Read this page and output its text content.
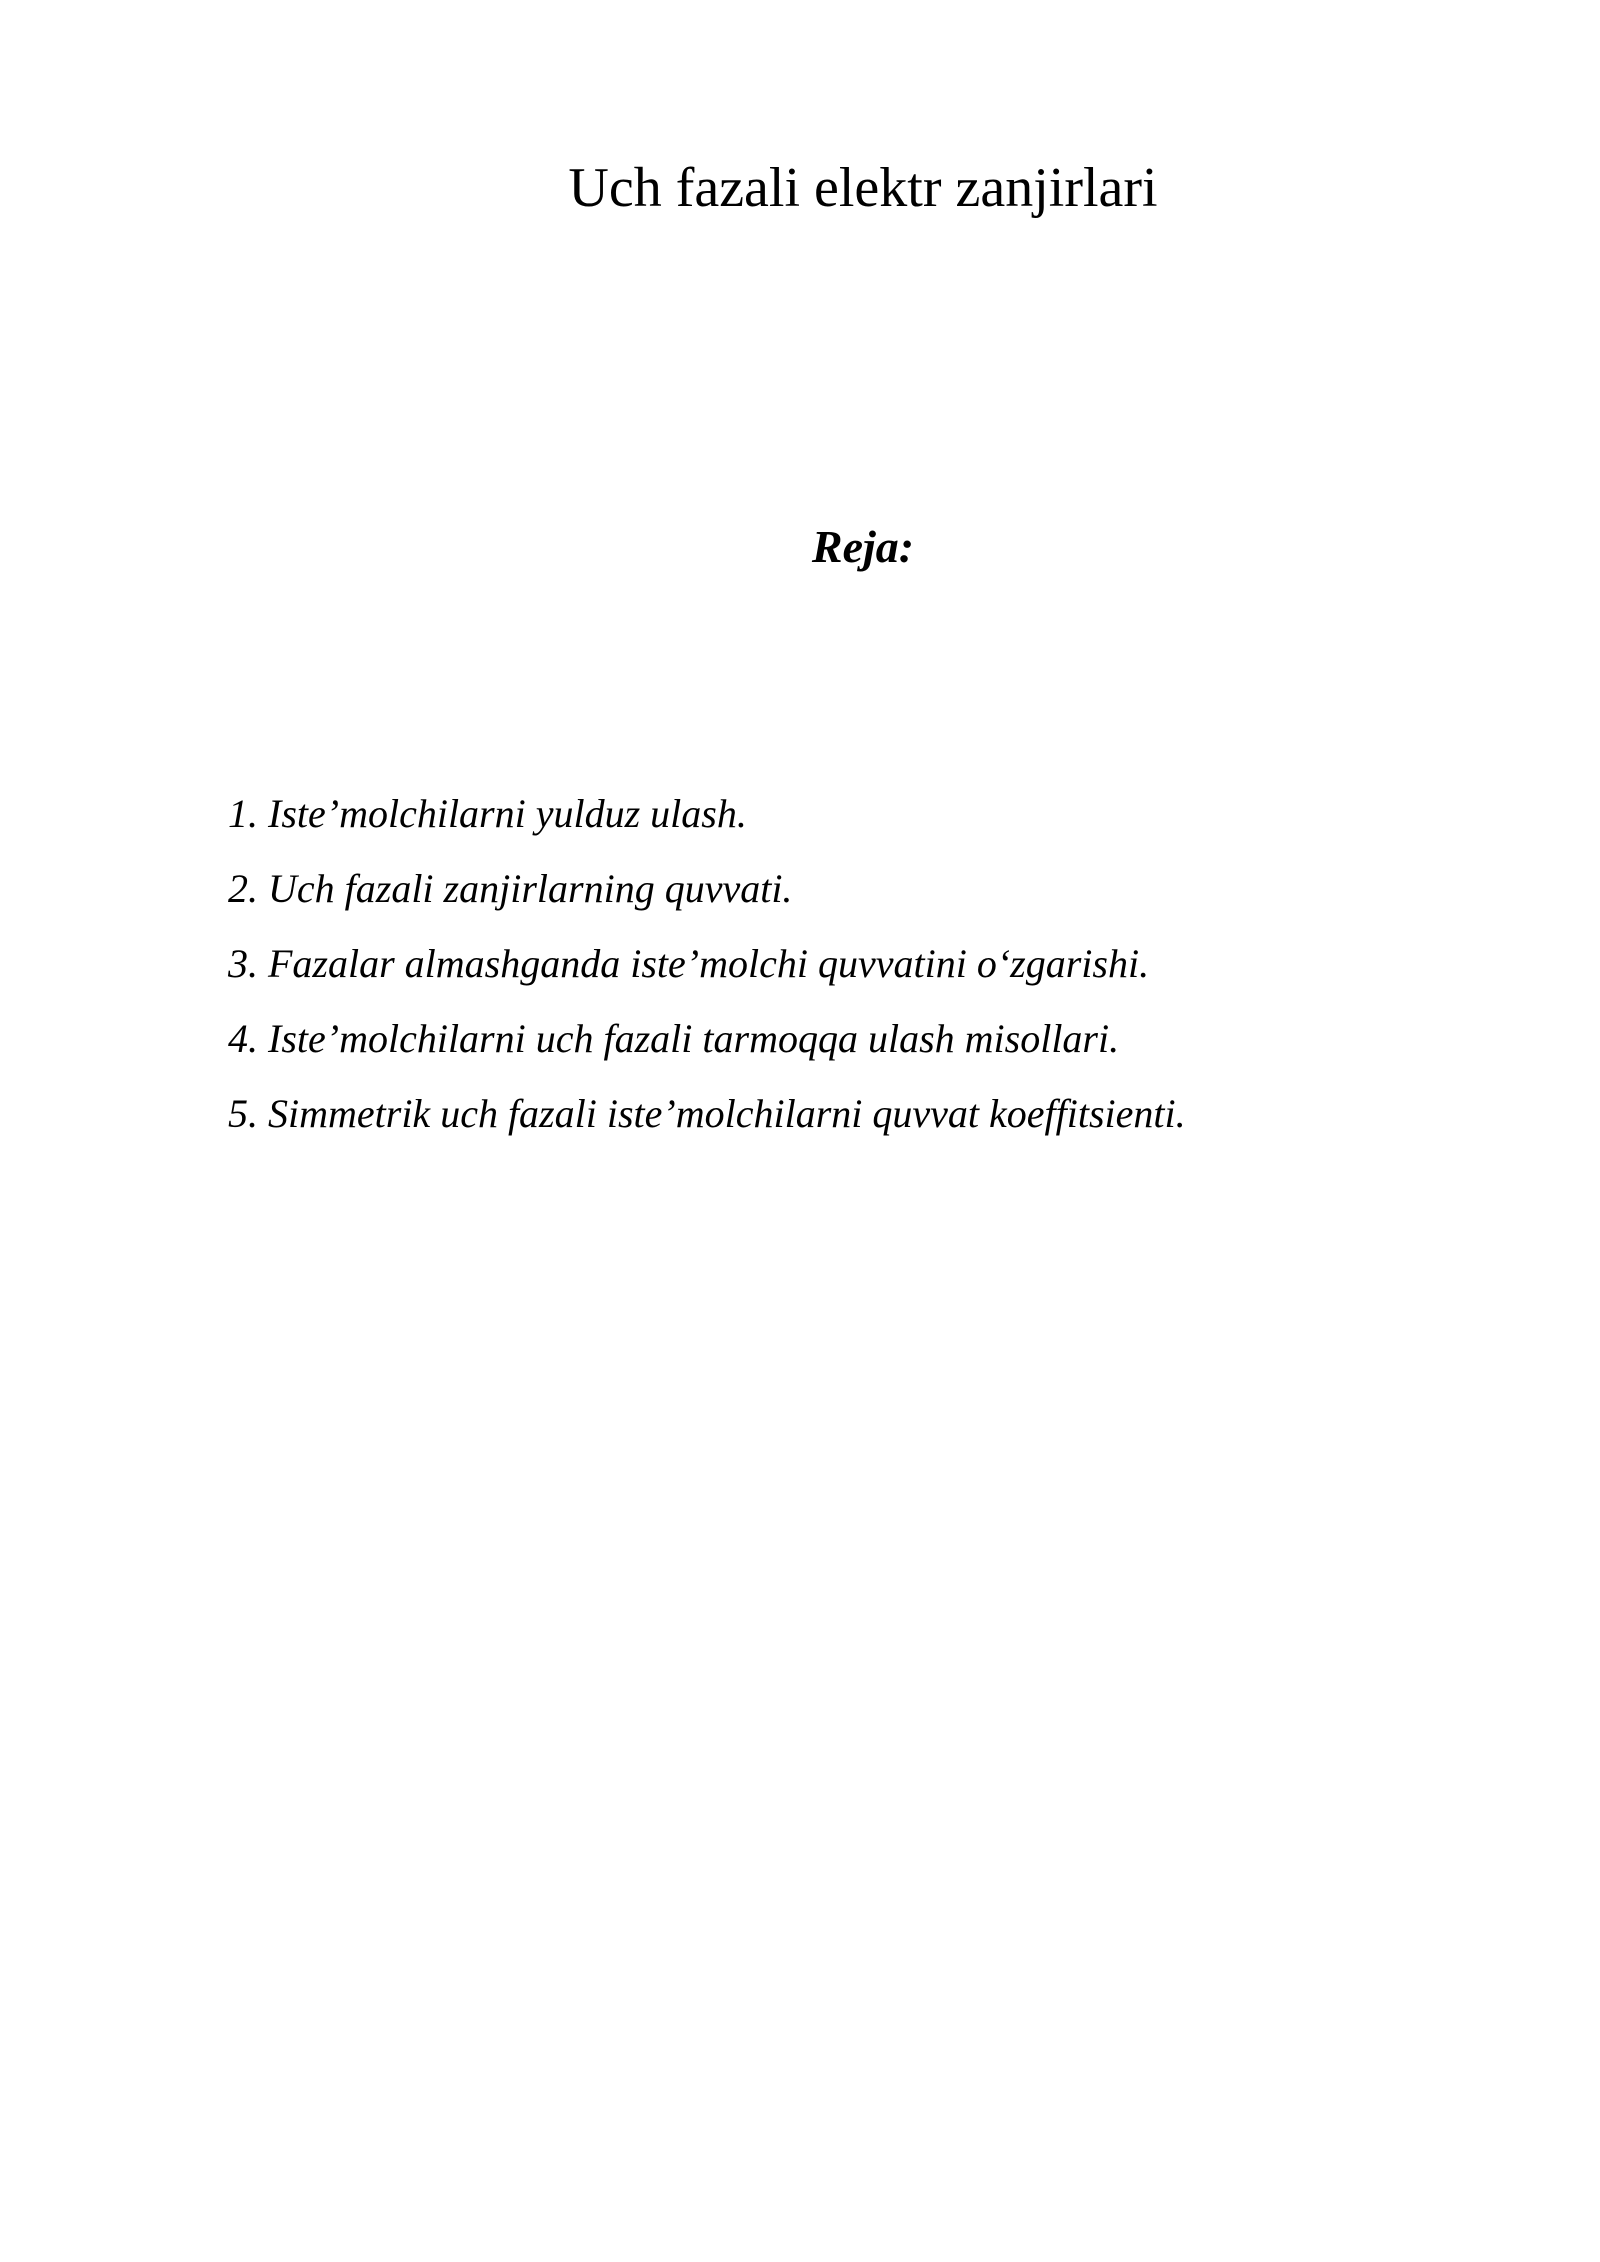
Uch fazali elektr zanjirlari
Reja:
1. Iste’molchilarni yulduz ulash.
2. Uch fazali zanjirlarning quvvati.
3. Fazalar almashganda iste’molchi quvvatini o‘zgarishi.
4. Iste’molchilarni uch fazali tarmoqqa ulash misollari.
5. Simmetrik uch fazali iste’molchilarni quvvat koeffitsienti.
